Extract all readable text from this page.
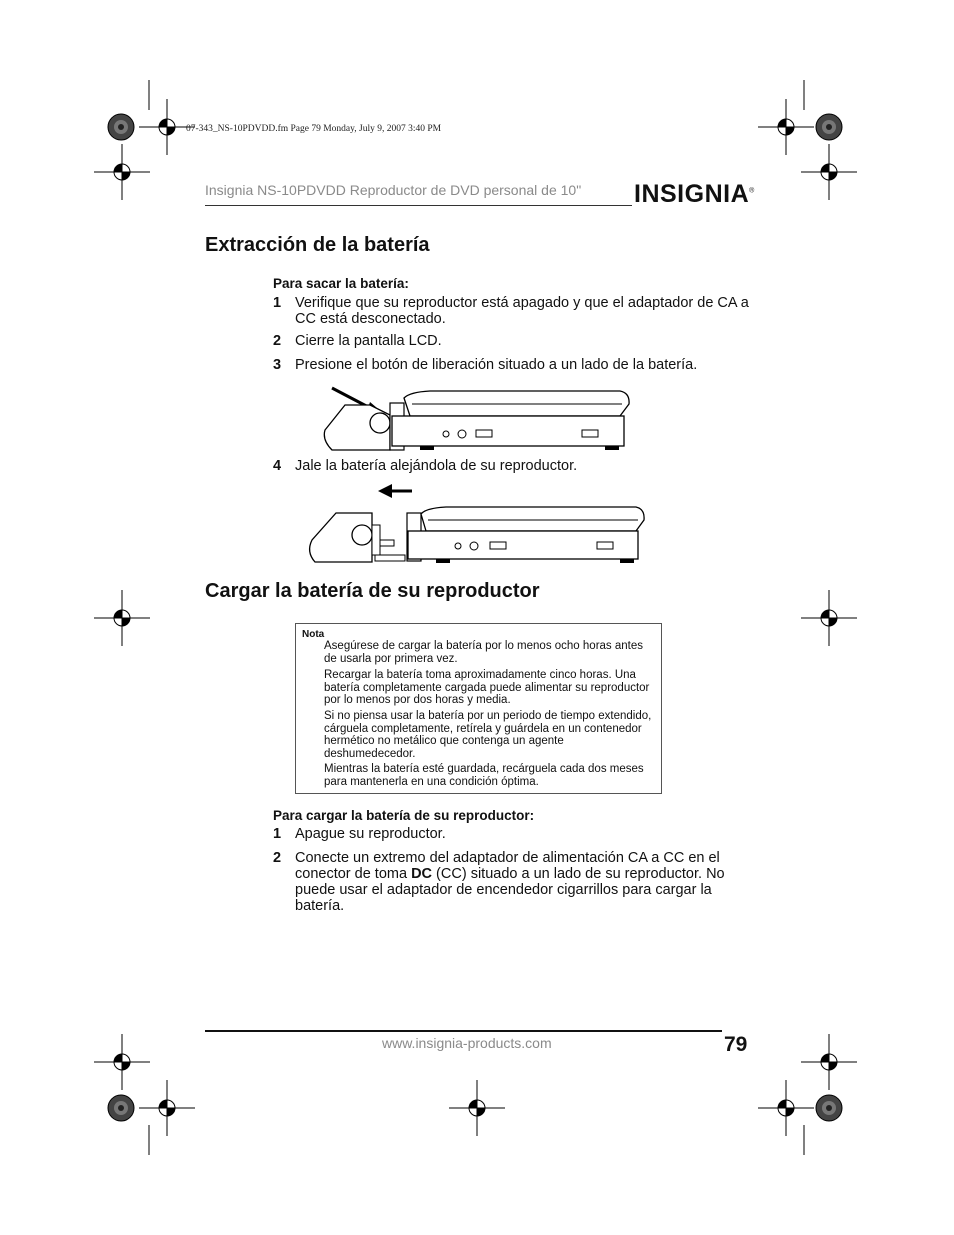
07-343_NS-10PDVDD.fm Page 79 Monday, July 9, 2007 3:40 PM
Insignia NS-10PDVDD Reproductor de DVD personal de 10" INSIGNIA®
Extracción de la batería
Para sacar la batería:
1 Verifique que su reproductor está apagado y que el adaptador de CA a CC está desconectado.
2 Cierre la pantalla LCD.
3 Presione el botón de liberación situado a un lado de la batería.
4 Jale la batería alejándola de su reproductor.
Cargar la batería de su reproductor
Nota
Asegúrese de cargar la batería por lo menos ocho horas antes de usarla por primera vez.
Recargar la batería toma aproximadamente cinco horas. Una batería completamente cargada puede alimentar su reproductor por lo menos por dos horas y media.
Si no piensa usar la batería por un periodo de tiempo extendido, cárguela completamente, retírela y guárdela en un contenedor hermético no metálico que contenga un agente deshumedecedor.
Mientras la batería esté guardada, recárguela cada dos meses para mantenerla en una condición óptima.
Para cargar la batería de su reproductor:
1 Apague su reproductor.
2 Conecte un extremo del adaptador de alimentación CA a CC en el conector de toma DC (CC) situado a un lado de su reproductor. No puede usar el adaptador de encendedor cigarrillos para cargar la batería.
www.insignia-products.com	79
